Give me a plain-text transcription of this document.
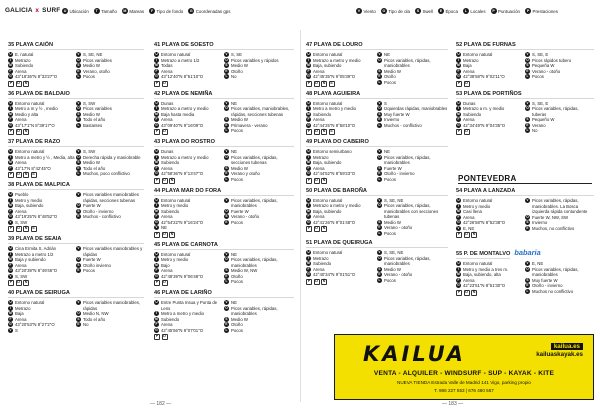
GALICIA x SURF U Ubicación	T Tamaño	M Mareas	F Tipo de fondo	G Coordenadas gps	V Viento	O Tipo de ola	S Swell	E Época	L Locales	P Puntuación	P Prestaciones
35 PLAYA CAIÓN
U E. natural
T Metrazo
M Subiendo
F Arena
G 43°18'36"N 8°33'27"O
P	D	Ñ
V S, SE, NE
O Picos variables
S Medio W
E Verano, otoño
L Pocos
36 PLAYA DE BALDAIO
U Entorno natural
T Metro a m y ½ , medio
M Medio y alta
F Arena
G 43°17'1"N 8°39'17"O
P	D	Ñ
V S, SW
O Picos variables
S Medio W
E Todo el año
L Bastantes
37 PLAYA DE RAZO
U Entorno natural
T Metro a metro y ½ , Media, alta
M Arena
F 43°17'N 8°42'45"O
P	D	Ñ	S
V S, SW
O Derecha rápida y maniobrable
S Medio W
E Todo el año
L Muchos, poco conflictivo
38 PLAYA DE MALPICA
U Pueblo
T Metro y medio
M Baja, subiendo
F Arena
G 43°19'25"N 8°48'52"O
V S, SW
P	D	Ñ	S
V Picos variables maniobrables rápidas, secciones tubenas
O Fuerte W
S Otoño - invierno
E Muchos - conflictivo
39 PLAYA DE SEAIA
U Cina Ermita S. Adrián
T Metrazo a metro 1/2
M Baja y subiendo
F Arena
G 43°20'39"N 8°49'46"O
V S, SW
P	D	Ñ
V Picos variables maniobrables y rápidas
O Fuerte W
S Otoño invierno
E Pocos
40 PLAYA DE SEIRUGA
U Entorno natural
T Metrazo
M Baja
F Arena
G 43°20'53"N 8°27'2"O
V S
V Picos variables maniobrables, rápidas
O Medio N, NW
S Todo el año
E No
41 PLAYA DE SOESTO
U Entorno natural
T Metrazo a metro 1/2
M Todas
F Arena
G 43°12'40"N 8°51'10"O
P	D
V S, SE
O Picos variables y rápidos
S Medio W
E Otoño
L No
42 PLAYA DE NEMIÑA
U Dunas
T Metrazo a metro y medio
M Baja hasta media
F Arena
G 43°09'40"N 9°16'09"O
P	D
V NE
O Picos variables, maniobrables, rápidas, secciones tubenas
S Medio W
E Primavera - verano
L Pocos
43 PLAYA DO ROSTRO
U Dunas
T Metrazo a metro y medio
M Subiendo
F Arena
G 42°58'36"N 9°13'47"O
P	D	Ñ
V NE
O Picos variables, rápidas, secciones tubenas
S Medio W
E Verano y otoño
L Pocos
44 PLAYA MAR DO FORA
U Entorno natural
T Metro y medio
M Subiendo
F Arena
G 42°54'22"N 9°16'24"O
V NE
P	D	Ñ
V Picos variables, rápidas, maniobrables
O Fuerte W
S Verano - otoño
E Pocos
45 PLAYA DE CARNOTA
U Entorno natural
T Metro y medio
M Bajo
F Arena
G 42°49'39"N 9°06'48"O
P	D
V NE
O Picos variables, rápidas, maniobrables
S Medio W, NW
E Otoño
L Pocos
46 PLAYA DE LARIÑO
U Entre Punta Insua y Punta de Lens
T Metro a metro y medio
M Subiendo
F Arena
G 42°45'56"N 9°07'01"O
P	D
V NE
O Picos variables, rápidas, maniobrables
S Medio W
E Otoño
L Pocos
47 PLAYA DE LOURO
U Entorno natural
T Metrazo a metro y medio
M Baja, subiendo
F Arena
G 42°45'35"N 9°05'39"O
P	D	Ñ	S
V NE
O Picos variables, rápidas, maniobrables
S Medio W
E Otoño
L Pocos
48 PLAYA AGUIEIRA
U Entorno natural
T Metro a metro y medio
M Subiendo
F Arena
G 42°44'25"N 8°58'10"O
P	D	Ñ	S
V S
O Izquierdas rápidas, maniobrables
S Muy fuerte W
E Invierno
L Muchos - conflictivo
49 PLAYA DO CABEIRO
U Entorno semiurbano
T Metrazo
M Baja, subiendo
F Arena
G 42°44'52"N 8°59'23"O
P	D	Ñ
V NE
O Picos variables, rápidas, maniobrables
S Fuerte W
E Otoño - invierno
L Pocos
50 PLAYA DE BAROÑA
U Entorno natural
T Metrazo a metro y medio
M Baja, subiendo
F Arena
G 42°41'26"N 9°01'48"O
P	D	Ñ
V S, SE, NE
O Picos variables, rápidas, maniobrables con secciones tubenas
S Medio W
E Verano - otoño
L Pocos
51 PLAYA DE QUEIRUGA
U Entorno natural
T Metrazo
M Subiendo
F Arena
G 42°40'34"N 9°01'51"O
P	D	Ñ
V S, SE, NE
O Picos variables, rápidas, maniobrables
S Medio W
E Verano - otoño
L Pocos
52 PLAYA DE FURNAS
U Entorno natural
T Metrazo
M Baja
F Arena
G 42°38'58"N 9°02'11"O
P	D
V S, SE, E
O Picos rápidos tubero
S Pequeña W
E Verano - otoño
L Pocos
53 PLAYA DE PORTIÑOS
U Dunas
T Metrazo a m. y medio
M Subiendo
F Arena
G 42°34'49"N 9°04'35"O
P	D
V S, SE, E
O Picos variables, rápidas, tuberas
S Pequeño W
E Verano
L No
PONTEVEDRA
54 PLAYA A LANZADA
U Entorno natural
T Metro y medio
M Casi llena
F Arena
G 42°26'58"N 8°52'38"O
V E, NE
P	D	Ñ
V Picos variables, rápidas, maniobrables. La Bosca izquierda rápida contundente
O Fuerte W, NW, SW
S Invierno
E Muchos, no conflictivo
55 P. DE MONTALVO babaria
U Entorno natural
T Metro y medio a tres m.
M Baja, subiendo, alta
F Arena
G 42°23'51"N 8°51'30"O
P	D	Ñ
V E, NE
O Picos variables, rápidas, maniobrables
S Muy fuerte W
E Otoño - invierno
L Muchos no conflictivo
KAILUA	kailua.es
kailuaskayak.es
VENTA - ALQUILER - WINDSURF - SUP - KAYAK - KITE
NUEVA TIENDA Estrada Valle de Madrid 141 Vigo, parking propio
T. 986 227 553 | 676 460 557
— 182 —	— 183 —
